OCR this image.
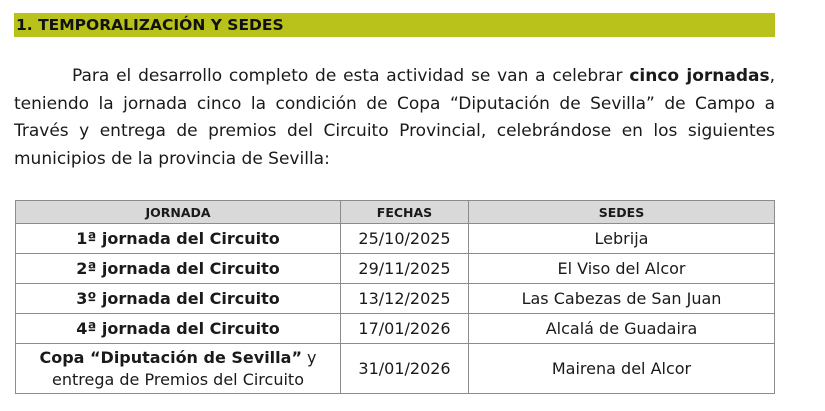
1. TEMPORALIZACIÓN Y SEDES

Para el desarrollo completo de esta actividad se van a celebrar cinco jornadas, teniendo la jornada cinco la condición de Copa “Diputación de Sevilla” de Campo a Través y entrega de premios del Circuito Provincial, celebrándose en los siguientes municipios de la provincia de Sevilla:

JORNADA	FECHAS	SEDES
1ª jornada del Circuito	25/10/2025	Lebrija
2ª jornada del Circuito	29/11/2025	El Viso del Alcor
3º jornada del Circuito	13/12/2025	Las Cabezas de San Juan
4ª jornada del Circuito	17/01/2026	Alcalá de Guadaira

Copa “Diputación de Sevilla” y
entrega de Premios del Circuito	31/01/2026	Mairena del Alcor
